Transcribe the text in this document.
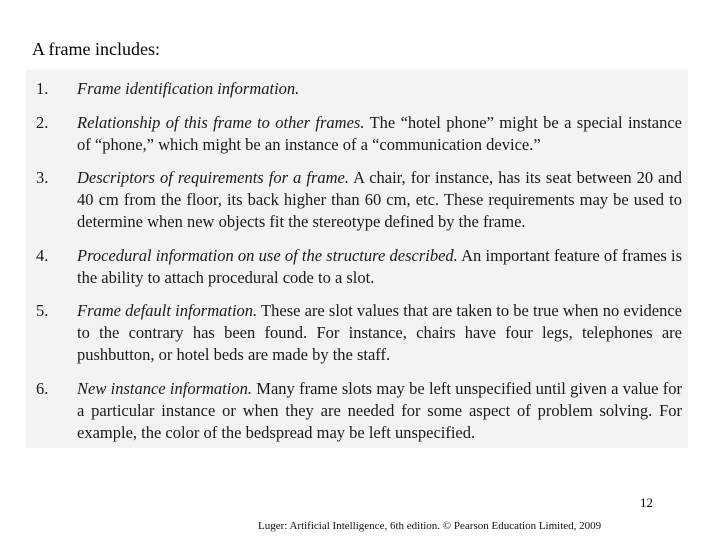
A frame includes:
1.	Frame identification information.
2.	Relationship of this frame to other frames. The “hotel phone” might be a special instance of “phone,” which might be an instance of a “communication device.”
3.	Descriptors of requirements for a frame. A chair, for instance, has its seat between 20 and 40 cm from the floor, its back higher than 60 cm, etc. These requirements may be used to determine when new objects fit the stereotype defined by the frame.
4.	Procedural information on use of the structure described. An important feature of frames is the ability to attach procedural code to a slot.
5.	Frame default information. These are slot values that are taken to be true when no evidence to the contrary has been found. For instance, chairs have four legs, telephones are pushbutton, or hotel beds are made by the staff.
6.	New instance information. Many frame slots may be left unspecified until given a value for a particular instance or when they are needed for some aspect of problem solving. For example, the color of the bedspread may be left unspecified.
12
Luger: Artificial Intelligence, 6th edition. © Pearson Education Limited, 2009
